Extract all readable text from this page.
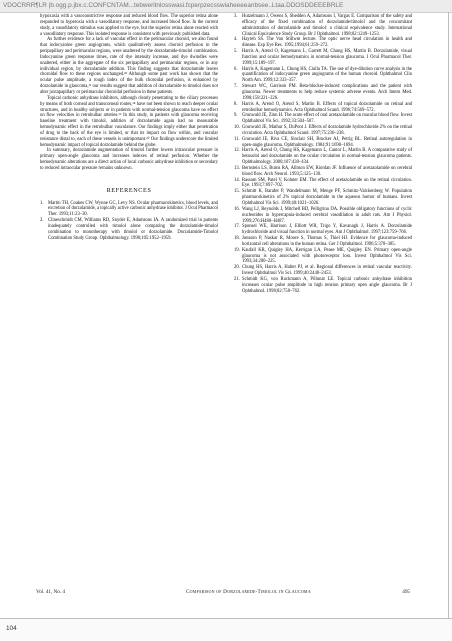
VDOCRRR¶LR |b.ogg.p.jbx.c.CONFCNTAM...tebweritnlosswasi.fcperpzecsswiaheeeeanbsee..Ltaa.DDOSDDEEEBRLE

hypoxaxia with a vasoconstrictive response and reduced blood flow. The superior retina alone responded to hyperoxia with a vasodilatory response, and increased blood flow. In the current study, a vasodilatory stimulus was applied to the eye, but the superior retina alone reacted with a vasodilatory response. This isolated response is consistent with previously published data.

As further evidence for a lack of vascular effect in the perimacular choroid, we also found that indocyanine green angiograms, which qualitatively assess choroid perfusion in the peripapillary and perimacular regions, were unaltered by the dorzolamide-timolol combination. Indocyanine green response times, rate of dye intensity increase, and dye dwindles were unaltered, either in the aggregate of the six peripapillary and perimacular regions, or in any individual region, by dorzolamide addition. This finding suggests that dorzolamide leaves choroidal flow to these regions unchanged.³³ Although some past work has shown that the ocular pulse amplitude, a rough index of the bulk choroidal perfusion, is enhanced by dorzolamide in glaucoma,¹¹ our results suggest that addition of dorzolamide to timolol does not alter juxtapapillary or perimacular choroidal perfusion in these patients.

Topical carbonic anhydrase inhibitors, although clearly penetrating to the ciliary processes by means of both corneal and transcorneal routes,¹⁸ have not been shown to reach deeper ocular structures, and in healthy subjects or in patients with normal-tension glaucoma have no effect on flow velocities in retrobulbar arteries.¹⁹ In this study, in patients with glaucoma receiving baseline treatment with timolol, addition of dorzolamide again had no measurable hemodynamic effect in the retrobulbar vasculature. Our findings imply either that penetration of drug to the back of the eye is limited, or that its impact on flow within, and vascular resistance distal to, each of these vessels is unimportant.²⁰ Our findings underscore the limited hemodynamic impact of topical dorzolamide behind the globe.

In summary, dorzolamide augmentation of timolol further lowers intraocular pressure in primary open-angle glaucoma and increases indexes of retinal perfusion. Whether the hemodynamic alterations are a direct action of local carbonic anhydrase inhibition or secondary to reduced intraocular pressure remains unknown.

REFERENCES
1. Martin TH, Coakes CW, Wynne GC, Levy NS. Ocular pharmacokinetics, blood levels, and excretion of dorzolamide, a topically active carbonic anhydrase inhibitor. J Ocul Pharmacol Ther. 1993;11:23–30.
2. Clineschmidt CM, Williams RD, Snyder E, Adamsons IA. A randomized trial in patients inadequately controlled with timolol alone comparing the dorzolamide-timolol combination to monotherapy with timolol or dorzolamide. Dorzolamide-Timolol Combination Study Group. Ophthalmology. 1998;105:1952–1959.
3. Hutzelmann J, Owens S, Shedden A, Adamsons I, Vargas E. Comparison of the safety and efficacy of the fixed combination of dorzolamide/timolol and the concomitant administration of dorzolamide and timolol: a clinical equivalence study. International Clinical Equivalence Study Group. Br J Ophthalmol. 1998;82:1249–1253.
4. Hayreh SS. The Von Stillwm lecture. The optic nerve head circulation in health and disease. Exp Eye Res. 1995;1994;61:259–272.
5. Harris A, Arend O, Kagemann L, Garrett M, Chung HS, Martin B. Dorzolamide, visual function and ocular hemodynamics in normal-tension glaucoma. J Ocul Pharmacol Ther. 1999;15:189–197.
6. Harris A, Kagemann L, Chung HS, Ciulla TA. The use of dye-dilution curve analysis in the quantification of indocyanine green angiograms of the human choroid. Ophthalmol Clin North Am. 1999;12:333–357.
7. Stewart WC, Garrison PM. Beta-blocker-induced complications and the patient with glaucoma. Newer treatments to help reduce systemic adverse events. Arch Intern Med. 1998;158:221–226.
8. Harris A, Arend O, Arend S, Martin B. Effects of topical dorzolamide on retinal and retrobulbar hemodynamics. Acta Ophthalmol Scand. 1996;74:569–572.
9. Grunwald JE, Zinn H. The acute effect of oral acetazolamide on macular blood flow. Invest Ophthalmol Vis Sci. 1992;33:504–507.
10. Grunwald JE, Mathur S, DuPont J. Effects of dorzolamide hydrochloride 2% on the retinal circulation. Acta Ophthalmol Scand. 1997;75:236–238.
11. Grunwald JE, Riva CE, Sinclair SH, Brucker AJ, Petrig BL. Retinal autoregulation in open-angle glaucoma. Ophthalmology. 1984;91:1690–1694.
12. Harris A, Arend O, Chung HS, Kagemann L, Cantor L, Martin B. A comparative study of betaxolol and dorzolamide on the ocular circulation in normal-tension glaucoma patients. Ophthalmology. 2000;107:430–434.
13. Bernstein LS, Burns RA, Allmon EW, Riordan JF. Influence of acetazolamide on cerebral blood flow. Arch Neurol. 1993;5:125–130.
14. Rassam SM, Patel V, Kohner EM. The effect of acetazolamide on the retinal circulation. Eye. 1993;7:697–702.
15. Schmitt K, Barafer P, Wandelmann M, Menge PF, Schmitz-Valckenberg W. Population pharmacokinetics of 2% topical dorzolamide in the aqueous humor of humans. Invest Ophthalmol Vis Sci. 1999;40:1021–1026.
16. Wang LJ, Reynolds J, Mitchell BD, Pelligrino DA. Possible obligatory functions of cyclic nucleotides in hypercapnia-induced cerebral vasodilation in adult rats. Am J Physiol. 1999;276:H480–H487.
17. Sponsel WE, Harrison J, Elliott WR, Trigo Y, Kavanagh J, Harris A. Dorzolamide hydrochloride and visual function in normal eyes. Am J Ophthalmol. 1997;123:759–766.
18. Jonsson P, Naskar R, Moore S, Thomas S, Thiel HJ. Evidence for glaucoma-induced horizontal cell alterations in the human retina. Ger J Ophthalmol. 1996;5:378–385.
19. Kaufall KR, Quigley HA, Kerrigan LA, Pease ME, Quigley EN. Primary open-angle glaucoma is not associated with photoreceptor loss. Invest Ophthalmol Vis Sci. 1993;34:200–225.
20. Chung HS, Harris A, Halter PJ, et al. Regional differences in retinal vascular reactivity. Invest Ophthalmol Vis Sci. 1999;40:2448–2453.
21. Schmidt KG, von Ruckmann A, Pillunat LE. Topical carbonic anhydrase inhibition increases ocular pulse amplitude in high tension primary open angle glaucoma. Br J Ophthalmol. 1998;82:758–762.
Vol. 41, No. 4	Comparison of Dorzolamide-Timolol in Glaucoma	495
104
